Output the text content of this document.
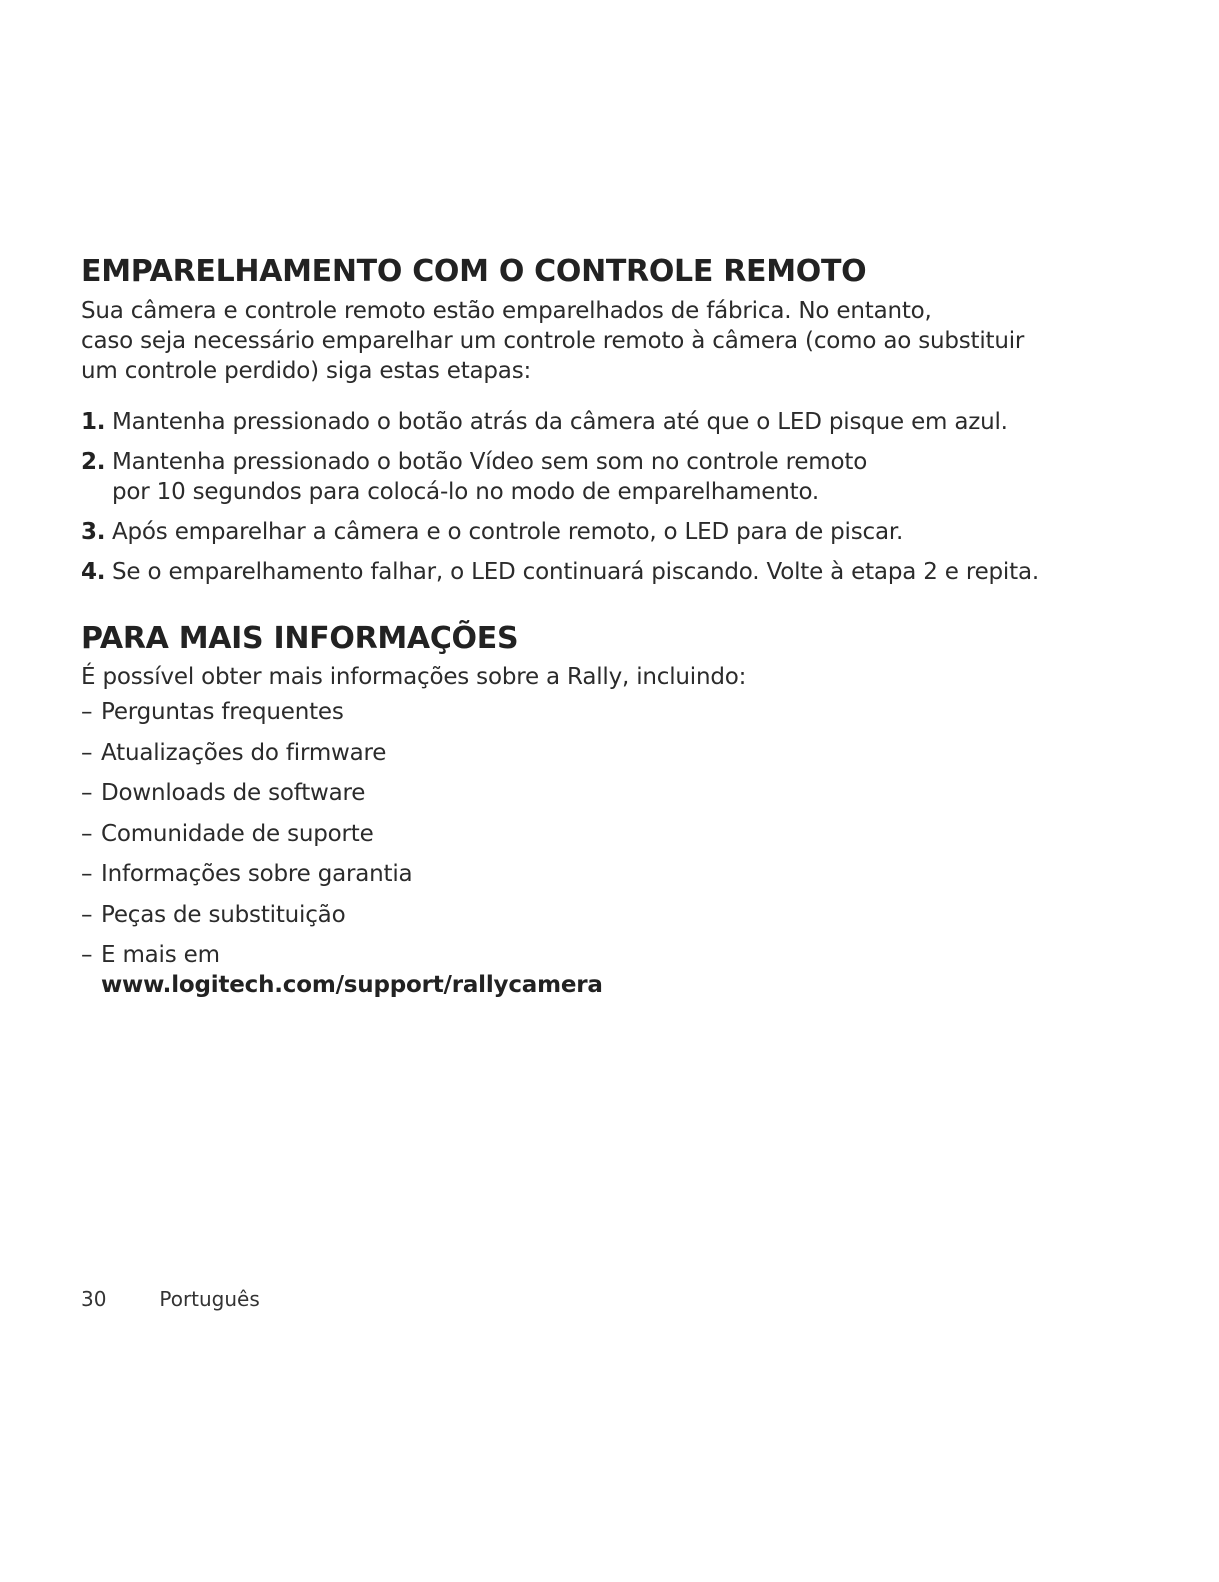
EMPARELHAMENTO COM O CONTROLE REMOTO

Sua câmera e controle remoto estão emparelhados de fábrica. No entanto,
caso seja necessário emparelhar um controle remoto à câmera (como ao substituir
um controle perdido) siga estas etapas:

1. Mantenha pressionado o botão atrás da câmera até que o LED pisque em azul.
2. Mantenha pressionado o botão Vídeo sem som no controle remoto
por 10 segundos para colocá-lo no modo de emparelhamento.
3. Após emparelhar a câmera e o controle remoto, o LED para de piscar.
4. Se o emparelhamento falhar, o LED continuará piscando. Volte à etapa 2 e repita.
PARA MAIS INFORMAÇÕES

É possível obter mais informações sobre a Rally, incluindo:

– Perguntas frequentes
– Atualizações do firmware
– Downloads de software
– Comunidade de suporte
– Informações sobre garantia
– Peças de substituição
– E mais em
www.logitech.com/support/rallycamera
30	Português
